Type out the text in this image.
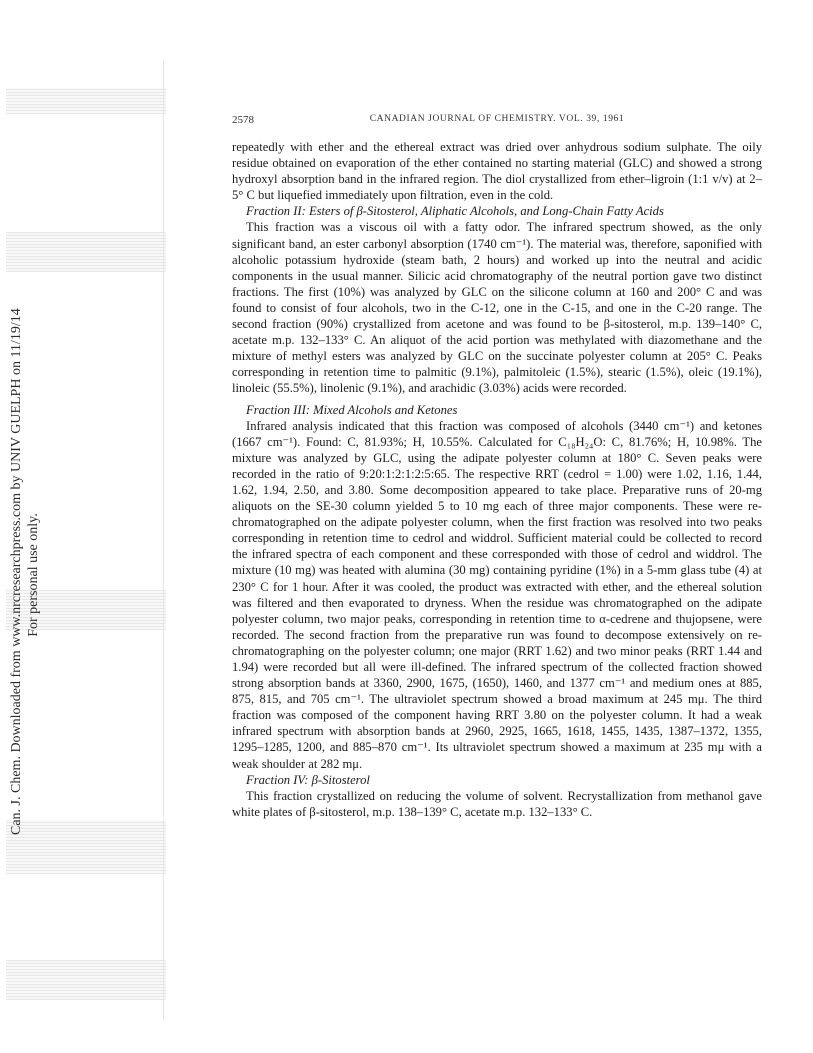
Can. J. Chem. Downloaded from www.nrcresearchpress.com by UNIV GUELPH on 11/19/14 For personal use only.
2578	CANADIAN JOURNAL OF CHEMISTRY. VOL. 39, 1961

repeatedly with ether and the ethereal extract was dried over anhydrous sodium sulphate. The oily residue obtained on evaporation of the ether contained no starting material (GLC) and showed a strong hydroxyl absorption band in the infrared region. The diol crystallized from ether–ligroin (1:1 v/v) at 2–5° C but liquefied immediately upon filtration, even in the cold.

Fraction II: Esters of β-Sitosterol, Aliphatic Alcohols, and Long-Chain Fatty Acids

This fraction was a viscous oil with a fatty odor. The infrared spectrum showed, as the only significant band, an ester carbonyl absorption (1740 cm⁻¹). The material was, therefore, saponified with alcoholic potassium hydroxide (steam bath, 2 hours) and worked up into the neutral and acidic components in the usual manner. Silicic acid chromatography of the neutral portion gave two distinct fractions. The first (10%) was analyzed by GLC on the silicone column at 160 and 200° C and was found to consist of four alcohols, two in the C-12, one in the C-15, and one in the C-20 range. The second fraction (90%) crystallized from acetone and was found to be β-sitosterol, m.p. 139–140° C, acetate m.p. 132–133° C. An aliquot of the acid portion was methylated with diazomethane and the mixture of methyl esters was analyzed by GLC on the succinate polyester column at 205° C. Peaks corresponding in retention time to palmitic (9.1%), palmitoleic (1.5%), stearic (1.5%), oleic (19.1%), linoleic (55.5%), linolenic (9.1%), and arachidic (3.03%) acids were recorded.

Fraction III: Mixed Alcohols and Ketones

Infrared analysis indicated that this fraction was composed of alcohols (3440 cm⁻¹) and ketones (1667 cm⁻¹). Found: C, 81.93%; H, 10.55%. Calculated for C₁₈H₂₄O: C, 81.76%; H, 10.98%. The mixture was analyzed by GLC, using the adipate polyester column at 180° C. Seven peaks were recorded in the ratio of 9:20:1:2:1:2:5:65. The respective RRT (cedrol = 1.00) were 1.02, 1.16, 1.44, 1.62, 1.94, 2.50, and 3.80. Some decomposition appeared to take place. Preparative runs of 20-mg aliquots on the SE-30 column yielded 5 to 10 mg each of three major components. These were re-chromatographed on the adipate polyester column, when the first fraction was resolved into two peaks corresponding in retention time to cedrol and widdrol. Sufficient material could be collected to record the infrared spectra of each component and these corresponded with those of cedrol and widdrol. The mixture (10 mg) was heated with alumina (30 mg) containing pyridine (1%) in a 5-mm glass tube (4) at 230° C for 1 hour. After it was cooled, the product was extracted with ether, and the ethereal solution was filtered and then evaporated to dryness. When the residue was chromatographed on the adipate polyester column, two major peaks, corresponding in retention time to α-cedrene and thujopsene, were recorded. The second fraction from the preparative run was found to decompose extensively on re-chromatographing on the polyester column; one major (RRT 1.62) and two minor peaks (RRT 1.44 and 1.94) were recorded but all were ill-defined. The infrared spectrum of the collected fraction showed strong absorption bands at 3360, 2900, 1675, (1650), 1460, and 1377 cm⁻¹ and medium ones at 885, 875, 815, and 705 cm⁻¹. The ultraviolet spectrum showed a broad maximum at 245 mμ. The third fraction was composed of the component having RRT 3.80 on the polyester column. It had a weak infrared spectrum with absorption bands at 2960, 2925, 1665, 1618, 1455, 1435, 1387–1372, 1355, 1295–1285, 1200, and 885–870 cm⁻¹. Its ultraviolet spectrum showed a maximum at 235 mμ with a weak shoulder at 282 mμ.

Fraction IV: β-Sitosterol

This fraction crystallized on reducing the volume of solvent. Recrystallization from methanol gave white plates of β-sitosterol, m.p. 138–139° C, acetate m.p. 132–133° C.
